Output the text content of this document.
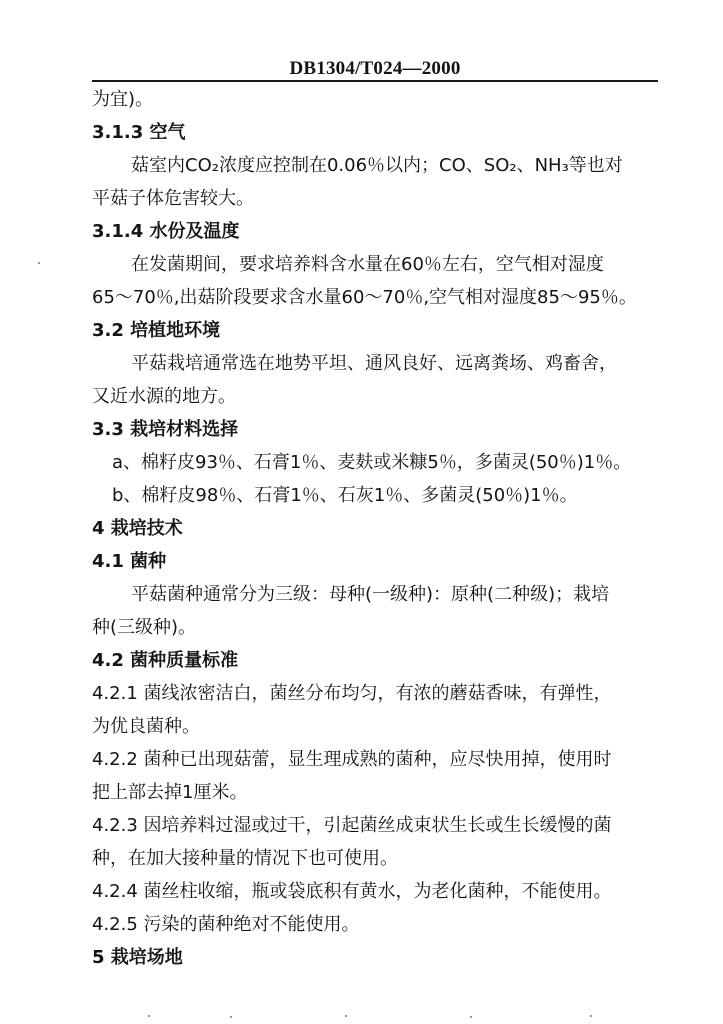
DB1304/T024—2000
为宜)。
3.1.3 空气
菇室内CO₂浓度应控制在0.06％以内；CO、SO₂、NH₃等也对
平菇子体危害较大。
3.1.4 水份及温度
在发菌期间，要求培养料含水量在60％左右，空气相对湿度
65～70％,出菇阶段要求含水量60～70％,空气相对湿度85～95％。
3.2 培植地环境
平菇栽培通常选在地势平坦、通风良好、远离粪场、鸡畜舍，
又近水源的地方。
3.3 栽培材料选择
a、棉籽皮93％、石膏1％、麦麸或米糠5％，多菌灵(50％)1％。
b、棉籽皮98％、石膏1％、石灰1％、多菌灵(50％)1％。
4 栽培技术
4.1 菌种
平菇菌种通常分为三级：母种(一级种)：原种(二种级)；栽培
种(三级种)。
4.2 菌种质量标准
4.2.1 菌线浓密洁白，菌丝分布均匀，有浓的蘑菇香味，有弹性，
为优良菌种。
4.2.2 菌种已出现菇蕾，显生理成熟的菌种，应尽快用掉，使用时
把上部去掉1厘米。
4.2.3 因培养料过湿或过干，引起菌丝成束状生长或生长缓慢的菌
种，在加大接种量的情况下也可使用。
4.2.4 菌丝柱收缩，瓶或袋底积有黄水，为老化菌种，不能使用。
4.2.5 污染的菌种绝对不能使用。
5 栽培场地
